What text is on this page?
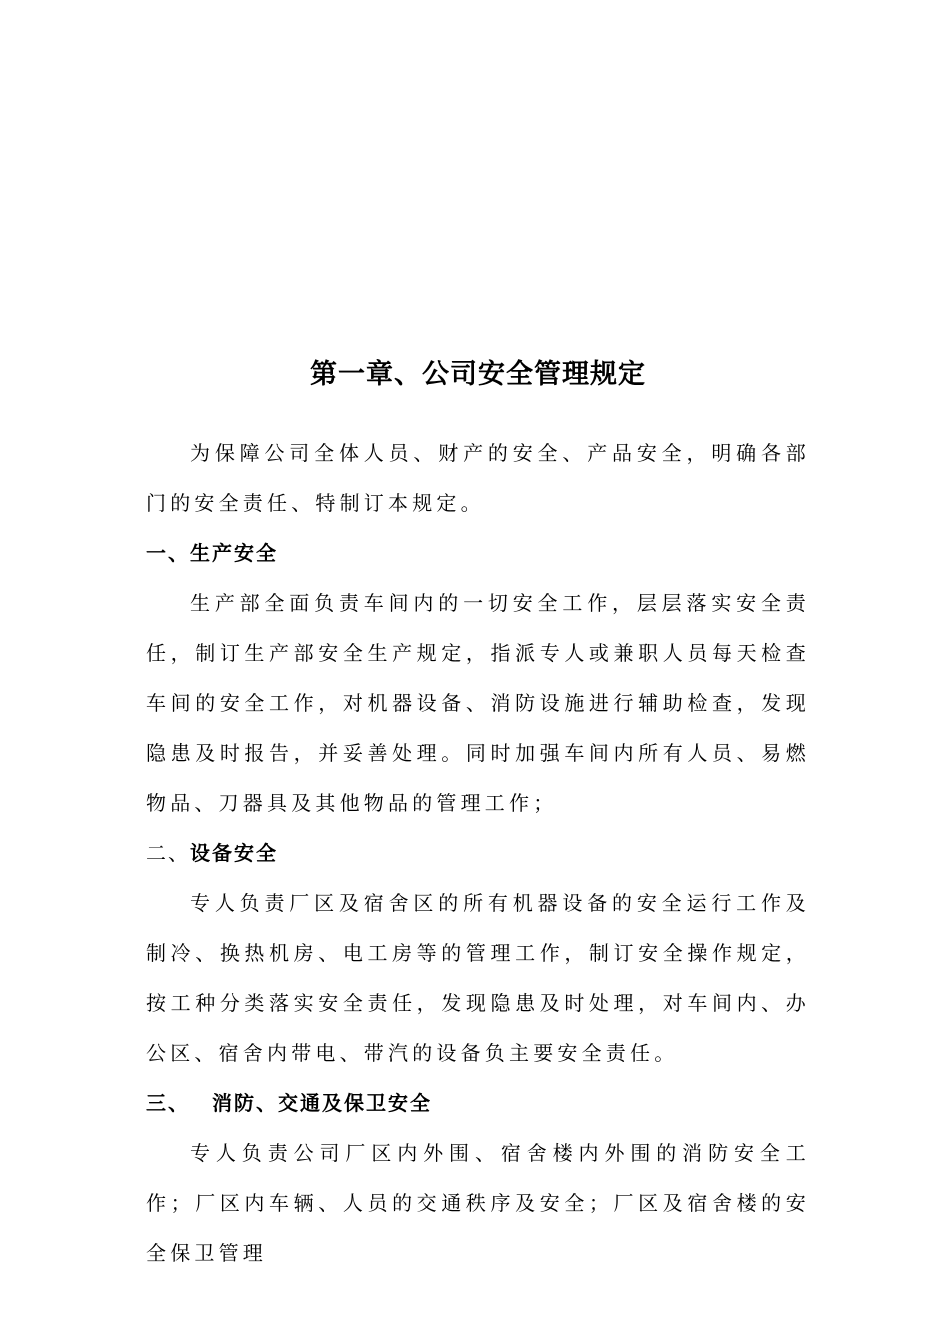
第一章、公司安全管理规定

为保障公司全体人员、财产的安全、产品安全，明确各部门的安全责任、特制订本规定。

一、生产安全

生产部全面负责车间内的一切安全工作，层层落实安全责任，制订生产部安全生产规定，指派专人或兼职人员每天检查车间的安全工作，对机器设备、消防设施进行辅助检查，发现隐患及时报告，并妥善处理。同时加强车间内所有人员、易燃物品、刀器具及其他物品的管理工作；

二、设备安全

专人负责厂区及宿舍区的所有机器设备的安全运行工作及制冷、换热机房、电工房等的管理工作，制订安全操作规定，按工种分类落实安全责任，发现隐患及时处理，对车间内、办公区、宿舍内带电、带汽的设备负主要安全责任。

三、 消防、交通及保卫安全

专人负责公司厂区内外围、宿舍楼内外围的消防安全工作；厂区内车辆、人员的交通秩序及安全；厂区及宿舍楼的安全保卫管理
